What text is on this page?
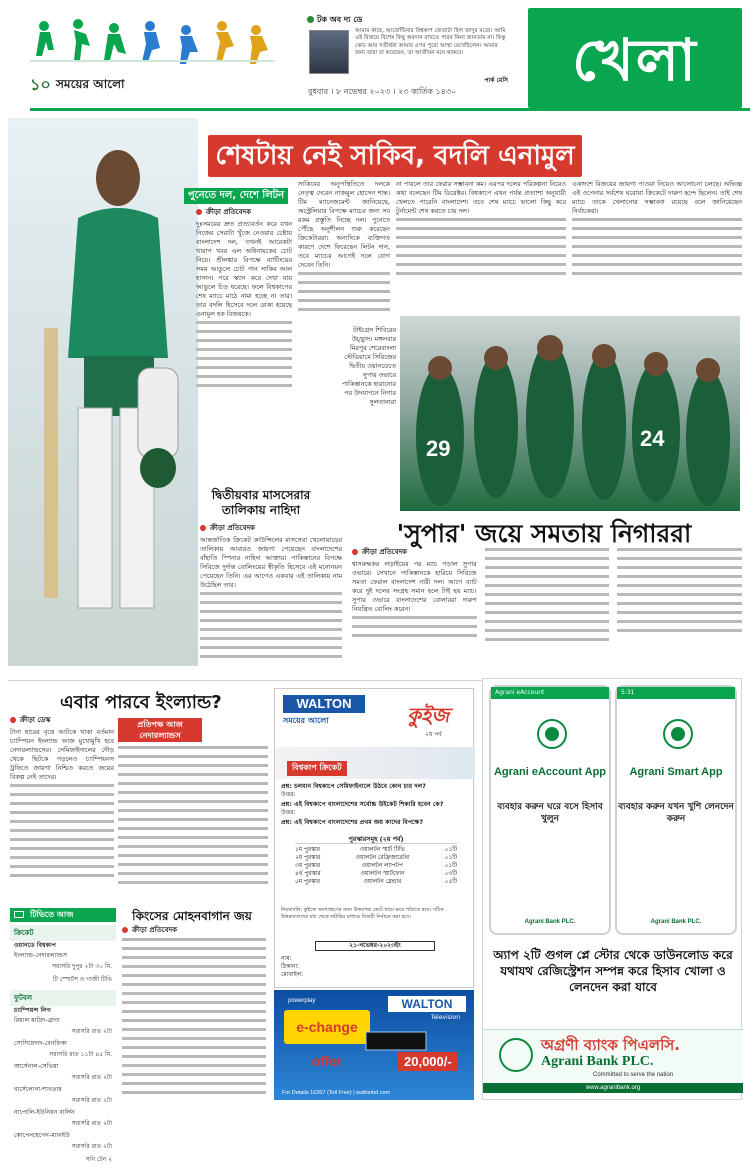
১০ সময়ের আলো
বুধবার । ৮ নভেম্বর ২০২৩ । ২৩ কার্তিক ১৪৩০
টক অব দ্য ডে
আমার কাছে, আর্জেন্টিনার বিশ্বকাপ জেতাটা ছিল জাদুর মতো। আমি এই বিজয়ে বিশেষ কিছু অবদান রাখতে পারব কিনা জানতাম না। কিন্তু কোচ আর সতীর্থরা আমার ওপর পুরো আস্থা রেখেছিলেন। আমার জন্য তারা যা করেছেন, তা আজীবন মনে থাকবে।
পার্ক মেসি	খেলা
শেষটায় নেই সাকিব, বদলি এনামুল
পুনেতে দল, দেশে লিটন
ক্রীড়া প্রতিবেদক

দুঃসময়ের দ্রুত প্রত্যাবর্তন করে যখন নিজের সেরাটা খুঁজে নেওয়ার চেষ্টায় বাংলাদেশ দল, তখনই আরেকটা খারাপ খবর এল অধিনায়কের চোট নিয়ে। শ্রীলঙ্কার বিপক্ষে ব্যাটিংয়ের সময় আঙুলে চোট পান সাকিব আল হাসান। পরে স্ক্যান করে দেখা যায় আঙুলে চিড় ধরেছে। ফলে বিশ্বকাপের শেষ ম্যাচে মাঠে নামা হচ্ছে না তার। তার বদলি হিসেবে দলে ডাকা হয়েছে এনামুল হক বিজয়কে।

সাকিবের অনুপস্থিতিতে দলকে নেতৃত্ব দেবেন নাজমুল হোসেন শান্ত। টিম ম্যানেজমেন্ট জানিয়েছে, অস্ট্রেলিয়ার বিপক্ষে ম্যাচের জন্য সব রকম প্রস্তুতি নিচ্ছে দল। পুনেতে পৌঁছে অনুশীলন শুরু করেছেন ক্রিকেটাররা। অন্যদিকে ব্যক্তিগত কারণে দেশে ফিরেছেন লিটন দাস, তবে ম্যাচের আগেই দলে যোগ দেবেন তিনি।

না পারলে তার ফেরার সম্ভাবনা কম। এরপর দলের পরিকল্পনা নিয়েও কথা বলেছেন টিম ডিরেক্টর। বিশ্বকাপে এখন পর্যন্ত প্রত্যাশা অনুযায়ী খেলতে পারেনি বাংলাদেশ। তবে শেষ ম্যাচে ভালো কিছু করে টুর্নামেন্ট শেষ করতে চায় দল।

একাদশে বিজয়ের জায়গা পাওয়া নিয়েও আলোচনা চলছে। অভিজ্ঞ এই ওপেনার সর্বশেষ ঘরোয়া ক্রিকেটে দারুণ ছন্দে ছিলেন। তাই শেষ ম্যাচে তাকে খেলানোর সম্ভাবনা রয়েছে বলে জানিয়েছেন নির্বাচকরা।

দ্বিতীয়বার মাসসেরার তালিকায় নাহিদা
ক্রীড়া প্রতিবেদক

আন্তর্জাতিক ক্রিকেট কাউন্সিলের মাসসেরা খেলোয়াড়ের তালিকায় আবারও জায়গা পেয়েছেন বাংলাদেশের বাঁহাতি স্পিনার নাহিদা আক্তার। পাকিস্তানের বিপক্ষে সিরিজে দুর্দান্ত বোলিংয়ের স্বীকৃতি হিসেবে এই মনোনয়ন পেয়েছেন তিনি। এর আগেও একবার এই তালিকায় নাম উঠেছিল তার।

টাইগ্রেস শিবিরের উচ্ছ্বাস। মঙ্গলবার মিরপুর শেরেবাংলা স্টেডিয়ামে সিরিজের দ্বিতীয় ওয়ানডেতে সুপার ওভারে পাকিস্তানকে হারানোর পর উদযাপনে নিগার সুলতানারা
29	24
'সুপার' জয়ে সমতায় নিগাররা
ক্রীড়া প্রতিবেদক

শ্বাসরুদ্ধকর লড়াইয়ের পর ম্যাচ গড়াল সুপার ওভারে। সেখানে পাকিস্তানকে হারিয়ে সিরিজে সমতা ফেরাল বাংলাদেশ নারী দল। আগে ব্যাট করে দুই দলের সংগ্রহ সমান হলে টাই হয় ম্যাচ। সুপার ওভারে বাংলাদেশের বোলাররা দারুণ নিয়ন্ত্রিত বোলিং করেন।

এবার পারবে ইংল্যান্ড?
প্রতিপক্ষ আজ নেদারল্যান্ডস
ক্রীড়া ডেস্ক

টানা হারের বৃত্তে আটকে থাকা বর্তমান চ্যাম্পিয়ন ইংল্যান্ড আজ মুখোমুখি হবে নেদারল্যান্ডসের। সেমিফাইনালের দৌড় থেকে ছিটকে পড়লেও চ্যাম্পিয়নস ট্রফিতে জায়গা নিশ্চিত করতে জয়ের বিকল্প নেই তাদের।

টিভিতে আজ
ক্রিকেট
ওয়ানডে বিশ্বকাপ
ইংল্যান্ড-নেদারল্যান্ডস
সরাসরি দুপুর ২টা ৩০ মি.
টি স্পোর্টস ও গাজী টিভি
ফুটবল
চ্যাম্পিয়ন্স লিগ
রিয়াল মাদ্রিদ-ব্রাগা
সরাসরি রাত ২টা
সোসিয়েদাদ-বেনফিকা
সরাসরি রাত ১১টা ৪৫ মি.
আর্সেনাল-সেভিয়া
সরাসরি রাত ২টা
বার্সেলোনা-শাখতার
সরাসরি রাত ২টা
নাপোলি-ইউনিয়ন বার্লিন
সরাসরি রাত ২টা
কোপেনহেগেন-ম্যানইউ
সরাসরি রাত ২টা
সনি টেন ২
কিংসের মোহনবাগান জয়
ক্রীড়া প্রতিবেদক
WALTON
সময়ের আলো	কুইজ
২য় পর্ব
বিশ্বকাপ ক্রিকেট
প্রশ্ন: চলমান বিশ্বকাপে সেমিফাইনালে উঠবে কোন চার দল?
উত্তর:
প্রশ্ন: এই বিশ্বকাপে বাংলাদেশের সর্বোচ্চ উইকেট শিকারি হবেন কে?
উত্তর:
প্রশ্ন: এই বিশ্বকাপে বাংলাদেশের প্রথম জয় কাদের বিপক্ষে?
পুরস্কারসমূহ (২য় পর্ব)
১ম পুরস্কার	ওয়ালটন স্মার্ট টিভি	০১টি
২য় পুরস্কার	ওয়ালটন রেফ্রিজারেটর	০১টি
৩য় পুরস্কার	ওয়ালটন ল্যাপটপ	০১টি
৪র্থ পুরস্কার	ওয়ালটন স্মার্টফোন	০৩টি
৫ম পুরস্কার	ওয়ালটন ব্লেন্ডার	০৫টি
নিয়মাবলি: কুইজে অংশগ্রহণের জন্য উত্তরপত্র কেটে খামে ভরে পাঠাতে হবে। সঠিক উত্তরদাতাদের মধ্য থেকে লটারির মাধ্যমে বিজয়ী নির্বাচন করা হবে।
২১-নভেম্বর-২০২৩ইং
নাম:
ঠিকানা:
মোবাইল:
powerplay
e-change offer
WALTON
Television
20,000/-
For Details 16267 (Toll Free) | waltonbd.com
Agrani eAccount
Agrani eAccount App
ব্যবহার করুন ঘরে বসে হিসাব খুলুন
Agrani Bank PLC.
5:31
Agrani Smart App
ব্যবহার করুন যখন খুশি লেনদেন করুন
Agrani Bank PLC.
অ্যাপ ২টি গুগল প্লে স্টোর থেকে ডাউনলোড করে যথাযথ রেজিস্ট্রেশন সম্পন্ন করে হিসাব খোলা ও লেনদেন করা যাবে
অগ্রণী ব্যাংক পিএলসি.
Agrani Bank PLC.
Committed to serve the nation
www.agranibank.org
